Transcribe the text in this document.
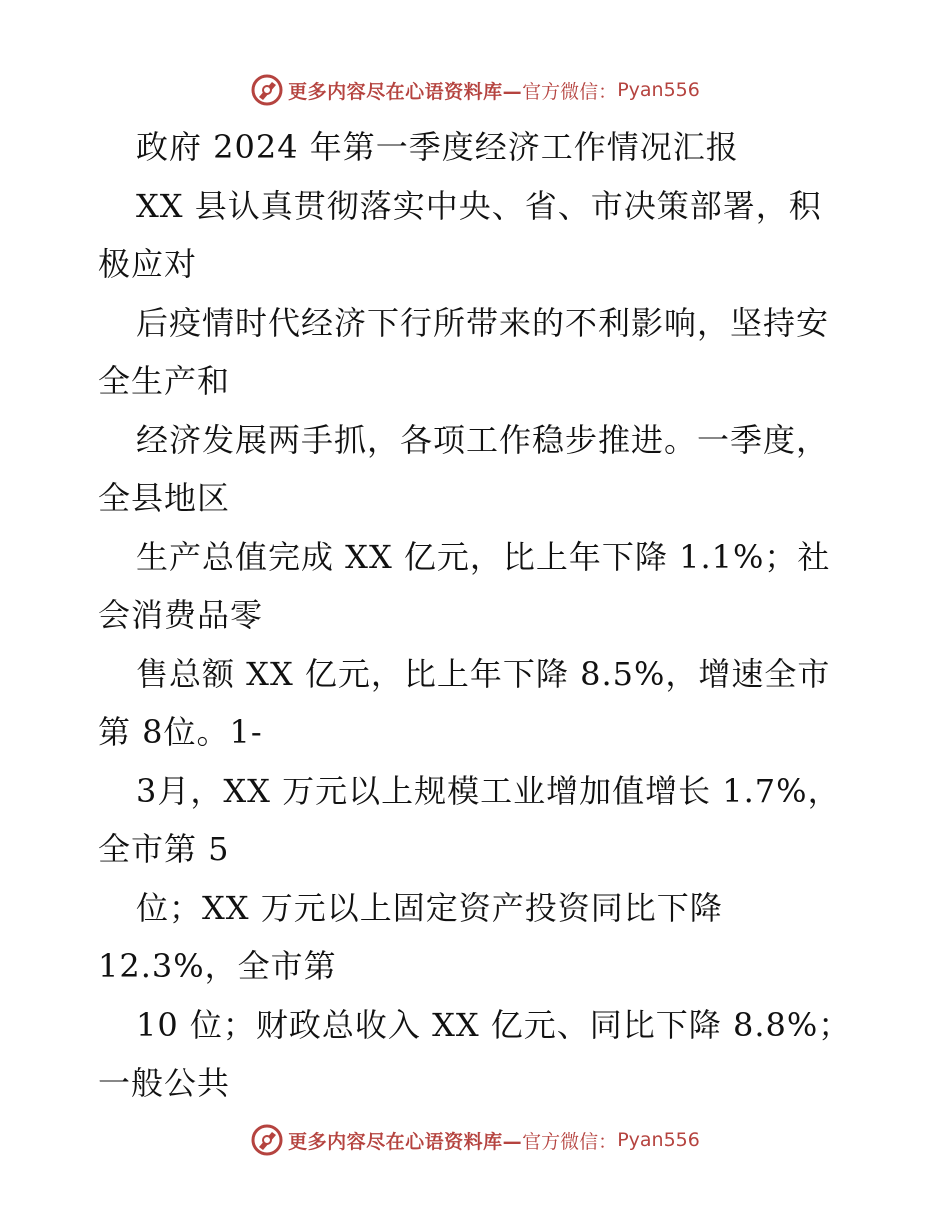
更多内容尽在心语资料库— 官方微信： Pyan556
政府 2024 年第一季度经济工作情况汇报
XX 县认真贯彻落实中央、省、市决策部署，积
极应对
后疫情时代经济下行所带来的不利影响，坚持安
全生产和
经济发展两手抓，各项工作稳步推进。一季度，
全县地区
生产总值完成 XX 亿元，比上年下降 1.1%；社
会消费品零
售总额 XX 亿元，比上年下降 8.5%，增速全市
第 8位。1-
3月，XX 万元以上规模工业增加值增长 1.7%，
全市第 5
位；XX 万元以上固定资产投资同比下降
12.3%，全市第
10 位；财政总收入 XX 亿元、同比下降 8.8%；
一般公共
更多内容尽在心语资料库— 官方微信： Pyan556
